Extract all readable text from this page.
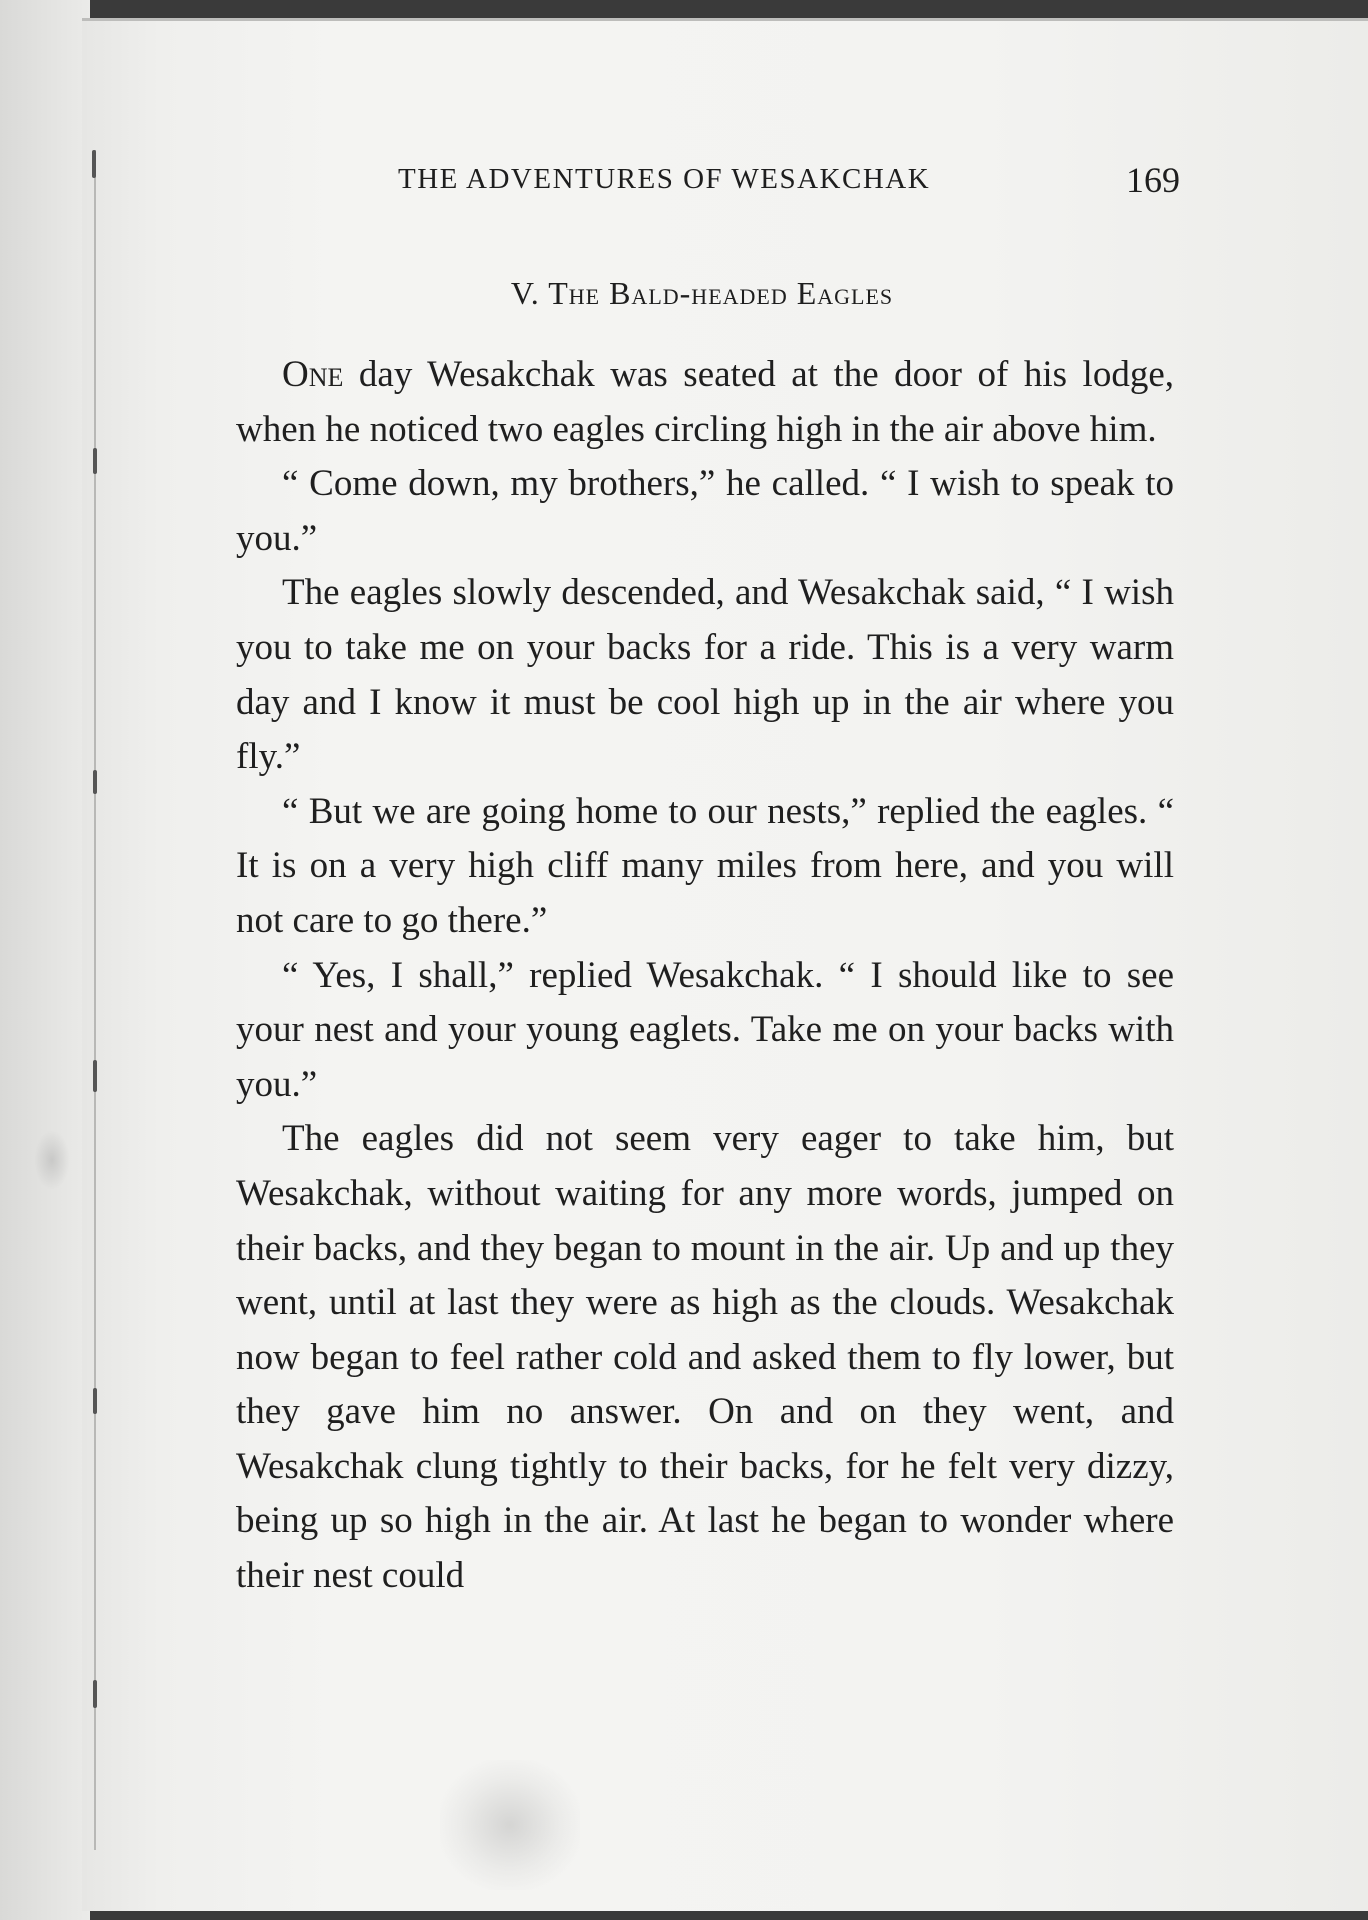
THE ADVENTURES OF WESAKCHAK	169
V. The Bald-headed Eagles

One day Wesakchak was seated at the door of his lodge, when he noticed two eagles circling high in the air above him.

“ Come down, my brothers,” he called. “ I wish to speak to you.”

The eagles slowly descended, and Wesakchak said, “ I wish you to take me on your backs for a ride. This is a very warm day and I know it must be cool high up in the air where you fly.”

“ But we are going home to our nests,” replied the eagles. “ It is on a very high cliff many miles from here, and you will not care to go there.”

“ Yes, I shall,” replied Wesakchak. “ I should like to see your nest and your young eaglets. Take me on your backs with you.”

The eagles did not seem very eager to take him, but Wesakchak, without waiting for any more words, jumped on their backs, and they began to mount in the air. Up and up they went, until at last they were as high as the clouds. Wesakchak now began to feel rather cold and asked them to fly lower, but they gave him no answer. On and on they went, and Wesakchak clung tightly to their backs, for he felt very dizzy, being up so high in the air. At last he began to wonder where their nest could
